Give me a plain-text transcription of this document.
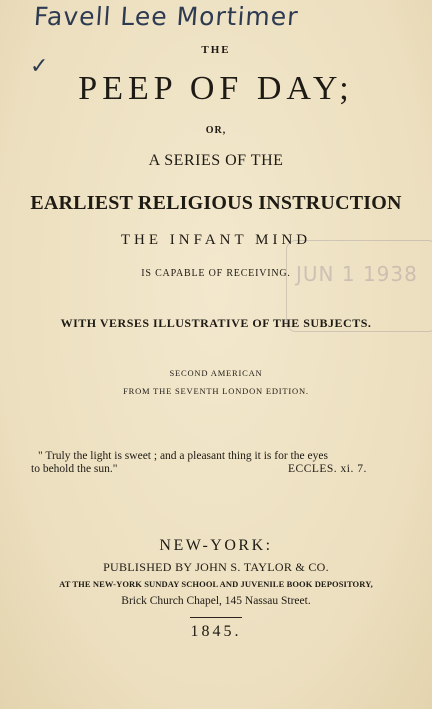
JUN 1 1938
Favell Lee Mortimer
✓
THE
PEEP OF DAY;
OR,
A SERIES OF THE
EARLIEST RELIGIOUS INSTRUCTION
THE INFANT MIND
IS CAPABLE OF RECEIVING.
WITH VERSES ILLUSTRATIVE OF THE SUBJECTS.
SECOND AMERICAN
FROM THE SEVENTH LONDON EDITION.
" Truly the light is sweet ; and a pleasant thing it is for the eyes
to behold the sun."	ECCLES. xi. 7.
NEW-YORK:
PUBLISHED BY JOHN S. TAYLOR & CO.
AT THE NEW-YORK SUNDAY SCHOOL AND JUVENILE BOOK DEPOSITORY,
Brick Church Chapel, 145 Nassau Street.
1845.
